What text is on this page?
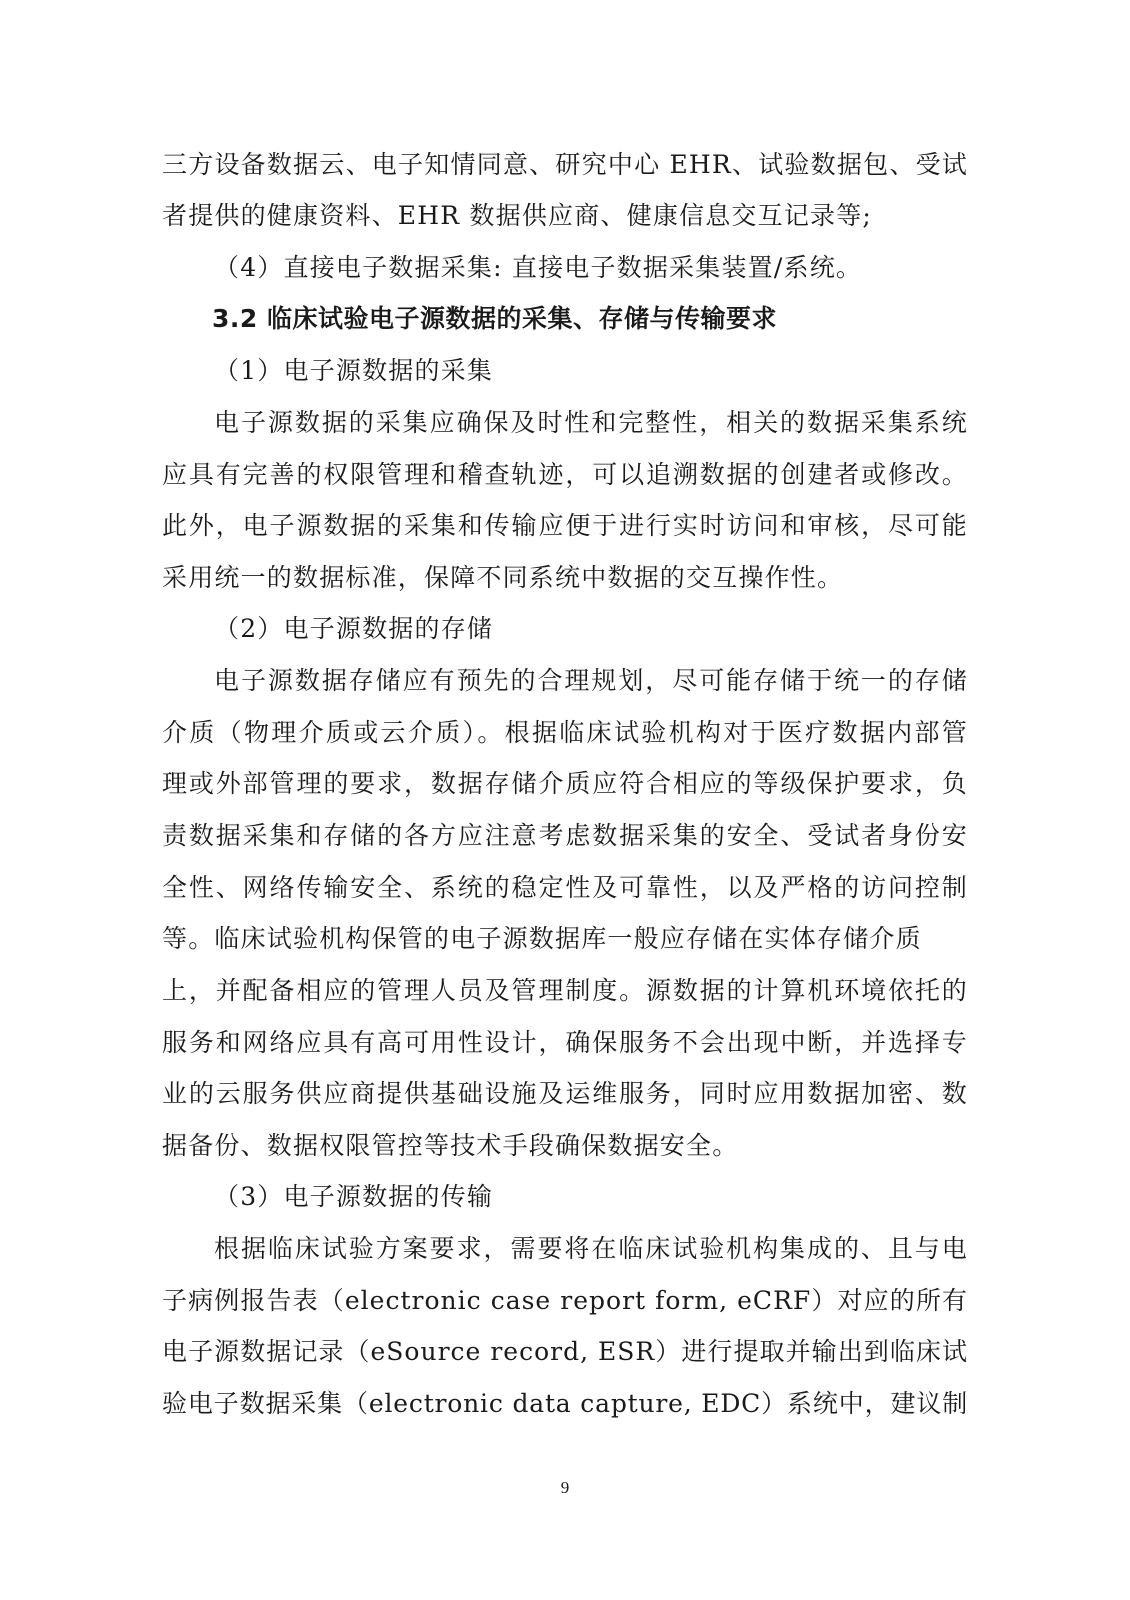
三方设备数据云、电子知情同意、研究中心 EHR、试验数据包、受试
者提供的健康资料、EHR 数据供应商、健康信息交互记录等;
（4）直接电子数据采集: 直接电子数据采集装置/系统。
3.2 临床试验电子源数据的采集、存储与传输要求
（1）电子源数据的采集
电子源数据的采集应确保及时性和完整性，相关的数据采集系统
应具有完善的权限管理和稽查轨迹，可以追溯数据的创建者或修改。
此外，电子源数据的采集和传输应便于进行实时访问和审核，尽可能
采用统一的数据标准，保障不同系统中数据的交互操作性。
（2）电子源数据的存储
电子源数据存储应有预先的合理规划，尽可能存储于统一的存储
介质（物理介质或云介质）。根据临床试验机构对于医疗数据内部管
理或外部管理的要求，数据存储介质应符合相应的等级保护要求，负
责数据采集和存储的各方应注意考虑数据采集的安全、受试者身份安
全性、网络传输安全、系统的稳定性及可靠性，以及严格的访问控制
等。临床试验机构保管的电子源数据库一般应存储在实体存储介质
上，并配备相应的管理人员及管理制度。源数据的计算机环境依托的
服务和网络应具有高可用性设计，确保服务不会出现中断，并选择专
业的云服务供应商提供基础设施及运维服务，同时应用数据加密、数
据备份、数据权限管控等技术手段确保数据安全。
（3）电子源数据的传输
根据临床试验方案要求，需要将在临床试验机构集成的、且与电
子病例报告表（electronic case report form, eCRF）对应的所有
电子源数据记录（eSource record, ESR）进行提取并输出到临床试
验电子数据采集（electronic data capture, EDC）系统中，建议制
9
